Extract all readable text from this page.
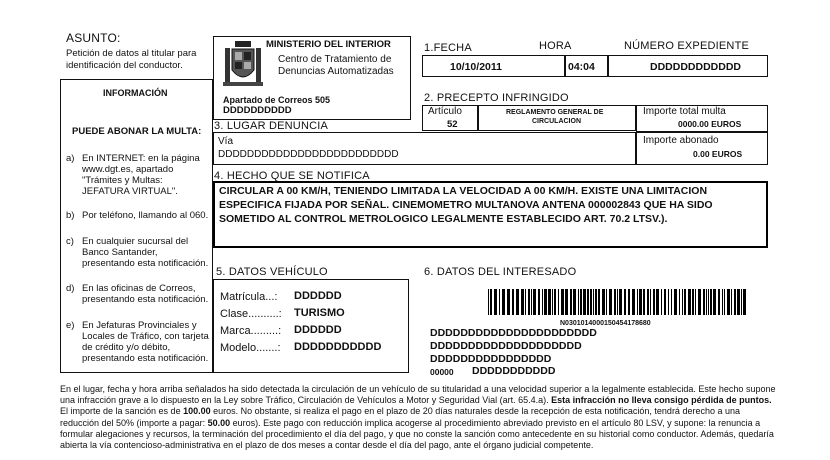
ASUNTO:
Petición de datos al titular para identificación del conductor.
INFORMACIÓN
PUEDE ABONAR LA MULTA:
a) En INTERNET: en la página www.dgt.es, apartado "Trámites y Multas: JEFATURA VIRTUAL".
b) Por teléfono, llamando al 060.
c) En cualquier sucursal del Banco Santander, presentando esta notificación.
d) En las oficinas de Correos, presentando esta notificación.
e) En Jefaturas Provinciales y Locales de Tráfico, con tarjeta de crédito y/o débito, presentando esta notificación.
MINISTERIO DEL INTERIOR
Centro de Tratamiento de
Denuncias Automatizadas
Apartado de Correos 505
DDDDDDDDDD
1.FECHA	HORA	NÚMERO EXPEDIENTE
10/10/2011	04:04	DDDDDDDDDDDD
2. PRECEPTO INFRINGIDO
Artículo
52
REGLAMENTO GENERAL DE
CIRCULACION
Importe total multa
0000.00 EUROS
Importe abonado
0.00 EUROS
3. LUGAR DENUNCIA
Vía
DDDDDDDDDDDDDDDDDDDDDDDDD
4. HECHO QUE SE NOTIFICA
CIRCULAR A 00 KM/H, TENIENDO LIMITADA LA VELOCIDAD A 00 KM/H. EXISTE UNA LIMITACION
ESPECIFICA FIJADA POR SEÑAL. CINEMOMETRO MULTANOVA ANTENA 000002843 QUE HA SIDO
SOMETIDO AL CONTROL METROLOGICO LEGALMENTE ESTABLECIDO ART. 70.2 LTSV.).
5. DATOS VEHÍCULO
Matrícula...: DDDDDD
Clase..........: TURISMO
Marca.........: DDDDDD
Modelo.......: DDDDDDDDDDD
6. DATOS DEL INTERESADO
N0301014000150454178680
DDDDDDDDDDDDDDDDDDDDDD
DDDDDDDDDDDDDDDDDDDD
DDDDDDDDDDDDDDDD
00000 DDDDDDDDDDD
En el lugar, fecha y hora arriba señalados ha sido detectada la circulación de un vehículo de su titularidad a una velocidad superior a la legalmente establecida. Este hecho supone una infracción grave a lo dispuesto en la Ley sobre Tráfico, Circulación de Vehículos a Motor y Seguridad Vial (art. 65.4.a). Esta infracción no lleva consigo pérdida de puntos. El importe de la sanción es de 100.00 euros. No obstante, si realiza el pago en el plazo de 20 días naturales desde la recepción de esta notificación, tendrá derecho a una reducción del 50% (importe a pagar: 50.00 euros). Este pago con reducción implica acogerse al procedimiento abreviado previsto en el artículo 80 LSV, y supone: la renuncia a formular alegaciones y recursos, la terminación del procedimiento el día del pago, y que no conste la sanción como antecedente en su historial como conductor. Además, quedaría abierta la vía contencioso-administrativa en el plazo de dos meses a contar desde el día del pago, ante el órgano judicial competente.
